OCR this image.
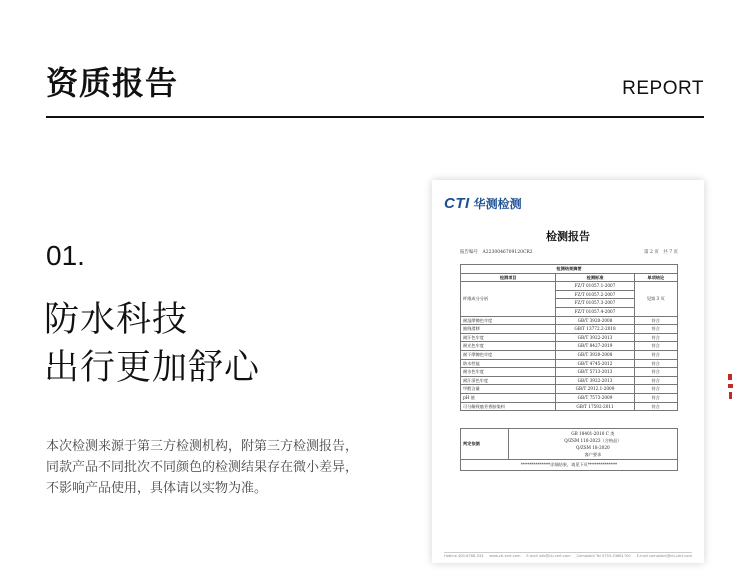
资质报告	REPORT
01.
防水科技
出行更加舒心
本次检测来源于第三方检测机构，附第三方检测报告，
同款产品不同批次不同颜色的检测结果存在微小差异，
不影响产品使用，具体请以实物为准。
CTI 华测检测
检测报告
报告编号　A2230046709120CR2	第 2 页　共 7 页
检测结果摘要		
检测项目	检测标准	单项结论
纤维成分分析	FZ/T 01057.1-2007	见第 3 页
	FZ/T 01057.2-2007	
	FZ/T 01057.3-2007	
	FZ/T 01057.4-2007	
耐湿摩擦色牢度	GB/T 3920-2008	符合
抽缝滑移	GB/T 13772.2-2018	符合
耐汗色牢度	GB/T 3922-2013	符合
耐光色牢度	GB/T 8427-2019	符合
耐干摩擦色牢度	GB/T 3920-2008	符合
防水性能	GB/T 4745-2012	符合
耐水色牢度	GB/T 5713-2013	符合
耐汗渍色牢度	GB/T 3922-2013	符合
甲醛含量	GB/T 2912.1-2009	符合
pH 值	GB/T 7573-2009	符合
可分解致癌芳香胺染料	GB/T 17592-2011	符合
判定依据	
GB 18401-2010 C 类
Q/ZSM 110-2023（合格品）
Q/ZSM 18-2020
客户要求

**************详细结果，请见下页**************
Hotline 400-6788-333 www.cti-cert.com E-mail info@cti-cert.com Complaint Tel 0755-33681700 E-mail complaint@cti-cert.com
